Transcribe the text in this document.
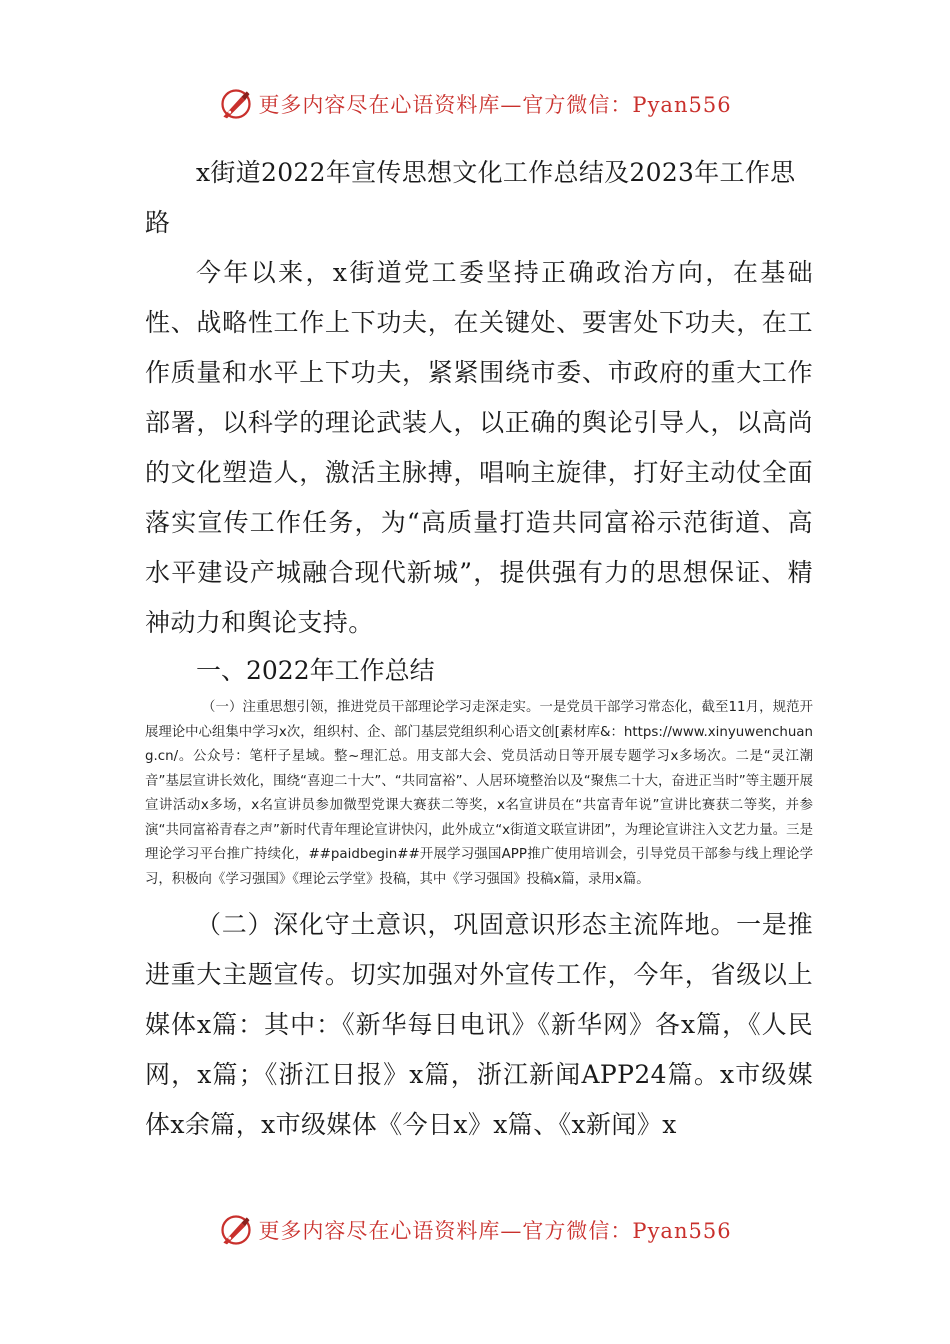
更多内容尽在心语资料库—官方微信：Pyan556
x街道2022年宣传思想文化工作总结及2023年工作思路

今年以来，x街道党工委坚持正确政治方向，在基础性、战略性工作上下功夫，在关键处、要害处下功夫，在工作质量和水平上下功夫，紧紧围绕市委、市政府的重大工作部署，以科学的理论武装人，以正确的舆论引导人，以高尚的文化塑造人，激活主脉搏，唱响主旋律，打好主动仗全面落实宣传工作任务，为“高质量打造共同富裕示范街道、高水平建设产城融合现代新城”，提供强有力的思想保证、精神动力和舆论支持。

一、2022年工作总结

（一）注重思想引领，推进党员干部理论学习走深走实。一是党员干部学习常态化，截至11月，规范开展理论中心组集中学习x次，组织村、企、部门基层党组织利心语文创[素材库&：https://www.xinyuwenchuang.cn/。公众号：笔杆子星域。整~理汇总。用支部大会、党员活动日等开展专题学习x多场次。二是“灵江潮音”基层宣讲长效化，围绕“喜迎二十大”、“共同富裕”、人居环境整治以及“聚焦二十大，奋进正当时”等主题开展宣讲活动x多场，x名宣讲员参加微型党课大赛获二等奖，x名宣讲员在“共富青年说”宣讲比赛获二等奖，并参演“共同富裕青春之声”新时代青年理论宣讲快闪，此外成立“x街道文联宣讲团”，为理论宣讲注入文艺力量。三是理论学习平台推广持续化，##paidbegin##开展学习强国APP推广使用培训会，引导党员干部参与线上理论学习，积极向《学习强国》《理论云学堂》投稿，其中《学习强国》投稿x篇，录用x篇。

（二）深化守土意识，巩固意识形态主流阵地。一是推进重大主题宣传。切实加强对外宣传工作，今年，省级以上媒体x篇：其中：《新华每日电讯》《新华网》各x篇，《人民网，x篇；《浙江日报》x篇，浙江新闻APP24篇。x市级媒体x余篇，x市级媒体《今日x》x篇、《x新闻》x

更多内容尽在心语资料库—官方微信：Pyan556
